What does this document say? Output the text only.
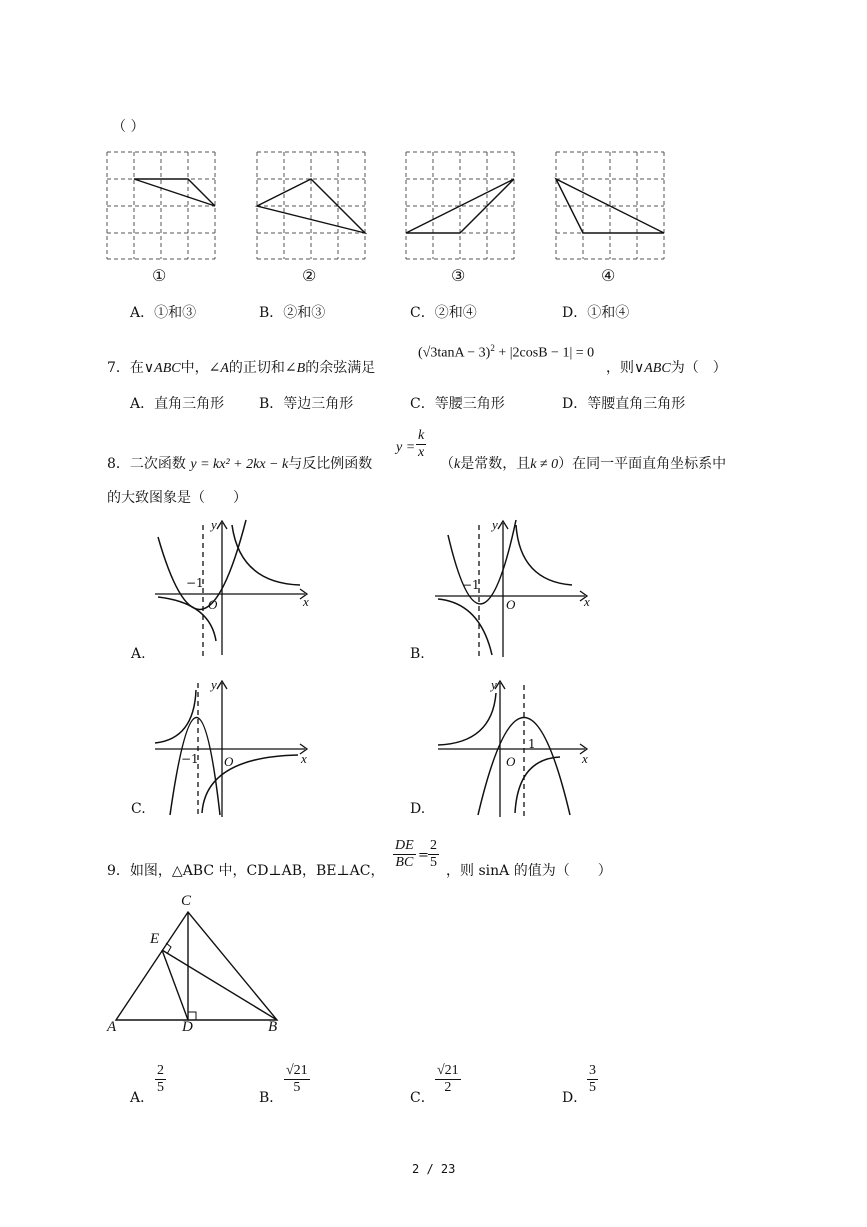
（ ）
①	②	③	④
A．①和③	B．②和③	C．②和④	D．①和④
7．在∨ABC中，∠A的正切和∠B的余弦满足
$(√3\tan A - 3)^2 + |2\cos B - 1| = 0$
，则∨ABC为（　）
A．直角三角形 B．等边三角形	C．等腰三角形	D．等腰直角三角形
8．二次函数 y = kx² + 2kx − k与反比例函数
$y = \frac{k}{x}$
（k是常数，且k ≠ 0）在同一平面直角坐标系中
的大致图象是（　　）
y
x
O
−1
A.
y
x
O
−1
B.
y
x
O
−1
C.
y
x
O
1
D.
9．如图，△ABC 中，CD⊥AB，BE⊥AC， $\frac{DE}{BC} = \frac{2}{5}$ ，则 sinA 的值为（　　）
C
E
A	D	B
A．
$\frac{2}{5}$
B．
$\frac{√21}{5}$
C．
$\frac{√21}{2}$
D．
$\frac{3}{5}$
2 / 23
